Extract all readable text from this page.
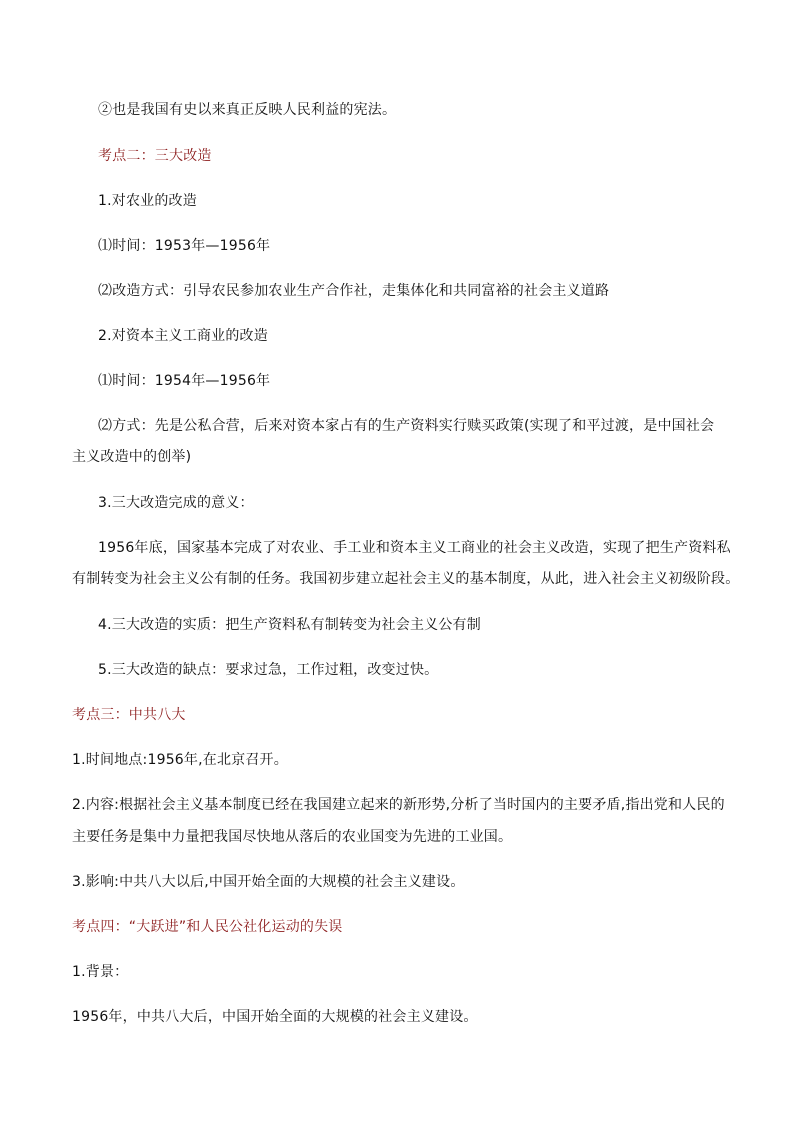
②也是我国有史以来真正反映人民利益的宪法。
考点二：三大改造
1.对农业的改造
⑴时间：1953年—1956年
⑵改造方式：引导农民参加农业生产合作社，走集体化和共同富裕的社会主义道路
2.对资本主义工商业的改造
⑴时间：1954年—1956年
⑵方式：先是公私合营，后来对资本家占有的生产资料实行赎买政策(实现了和平过渡，是中国社会
主义改造中的创举)
3.三大改造完成的意义：
1956年底，国家基本完成了对农业、手工业和资本主义工商业的社会主义改造，实现了把生产资料私
有制转变为社会主义公有制的任务。我国初步建立起社会主义的基本制度，从此，进入社会主义初级阶段。
4.三大改造的实质：把生产资料私有制转变为社会主义公有制
5.三大改造的缺点：要求过急，工作过粗，改变过快。
考点三：中共八大
1.时间地点:1956年,在北京召开。
2.内容:根据社会主义基本制度已经在我国建立起来的新形势,分析了当时国内的主要矛盾,指出党和人民的
主要任务是集中力量把我国尽快地从落后的农业国变为先进的工业国。
3.影响:中共八大以后,中国开始全面的大规模的社会主义建设。
考点四：“大跃进”和人民公社化运动的失误
1.背景：
1956年，中共八大后，中国开始全面的大规模的社会主义建设。
